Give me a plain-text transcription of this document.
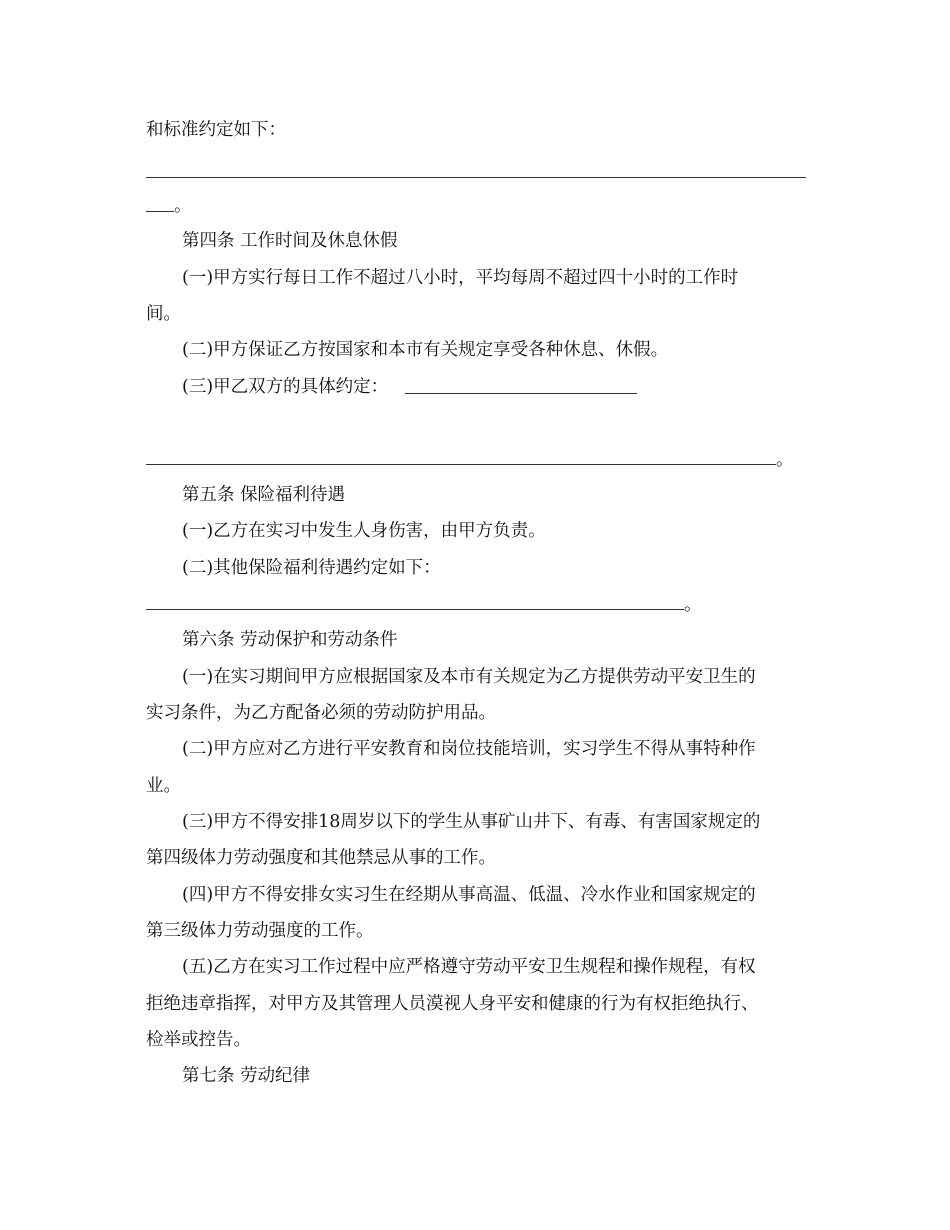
和标准约定如下：
。
第四条 工作时间及休息休假
(一)甲方实行每日工作不超过八小时，平均每周不超过四十小时的工作时
间。
(二)甲方保证乙方按国家和本市有关规定享受各种休息、休假。
(三)甲乙双方的具体约定：
。
第五条 保险福利待遇
(一)乙方在实习中发生人身伤害，由甲方负责。
(二)其他保险福利待遇约定如下：
。
第六条 劳动保护和劳动条件
(一)在实习期间甲方应根据国家及本市有关规定为乙方提供劳动平安卫生的
实习条件，为乙方配备必须的劳动防护用品。
(二)甲方应对乙方进行平安教育和岗位技能培训，实习学生不得从事特种作
业。
(三)甲方不得安排18周岁以下的学生从事矿山井下、有毒、有害国家规定的
第四级体力劳动强度和其他禁忌从事的工作。
(四)甲方不得安排女实习生在经期从事高温、低温、冷水作业和国家规定的
第三级体力劳动强度的工作。
(五)乙方在实习工作过程中应严格遵守劳动平安卫生规程和操作规程，有权
拒绝违章指挥，对甲方及其管理人员漠视人身平安和健康的行为有权拒绝执行、
检举或控告。
第七条 劳动纪律
